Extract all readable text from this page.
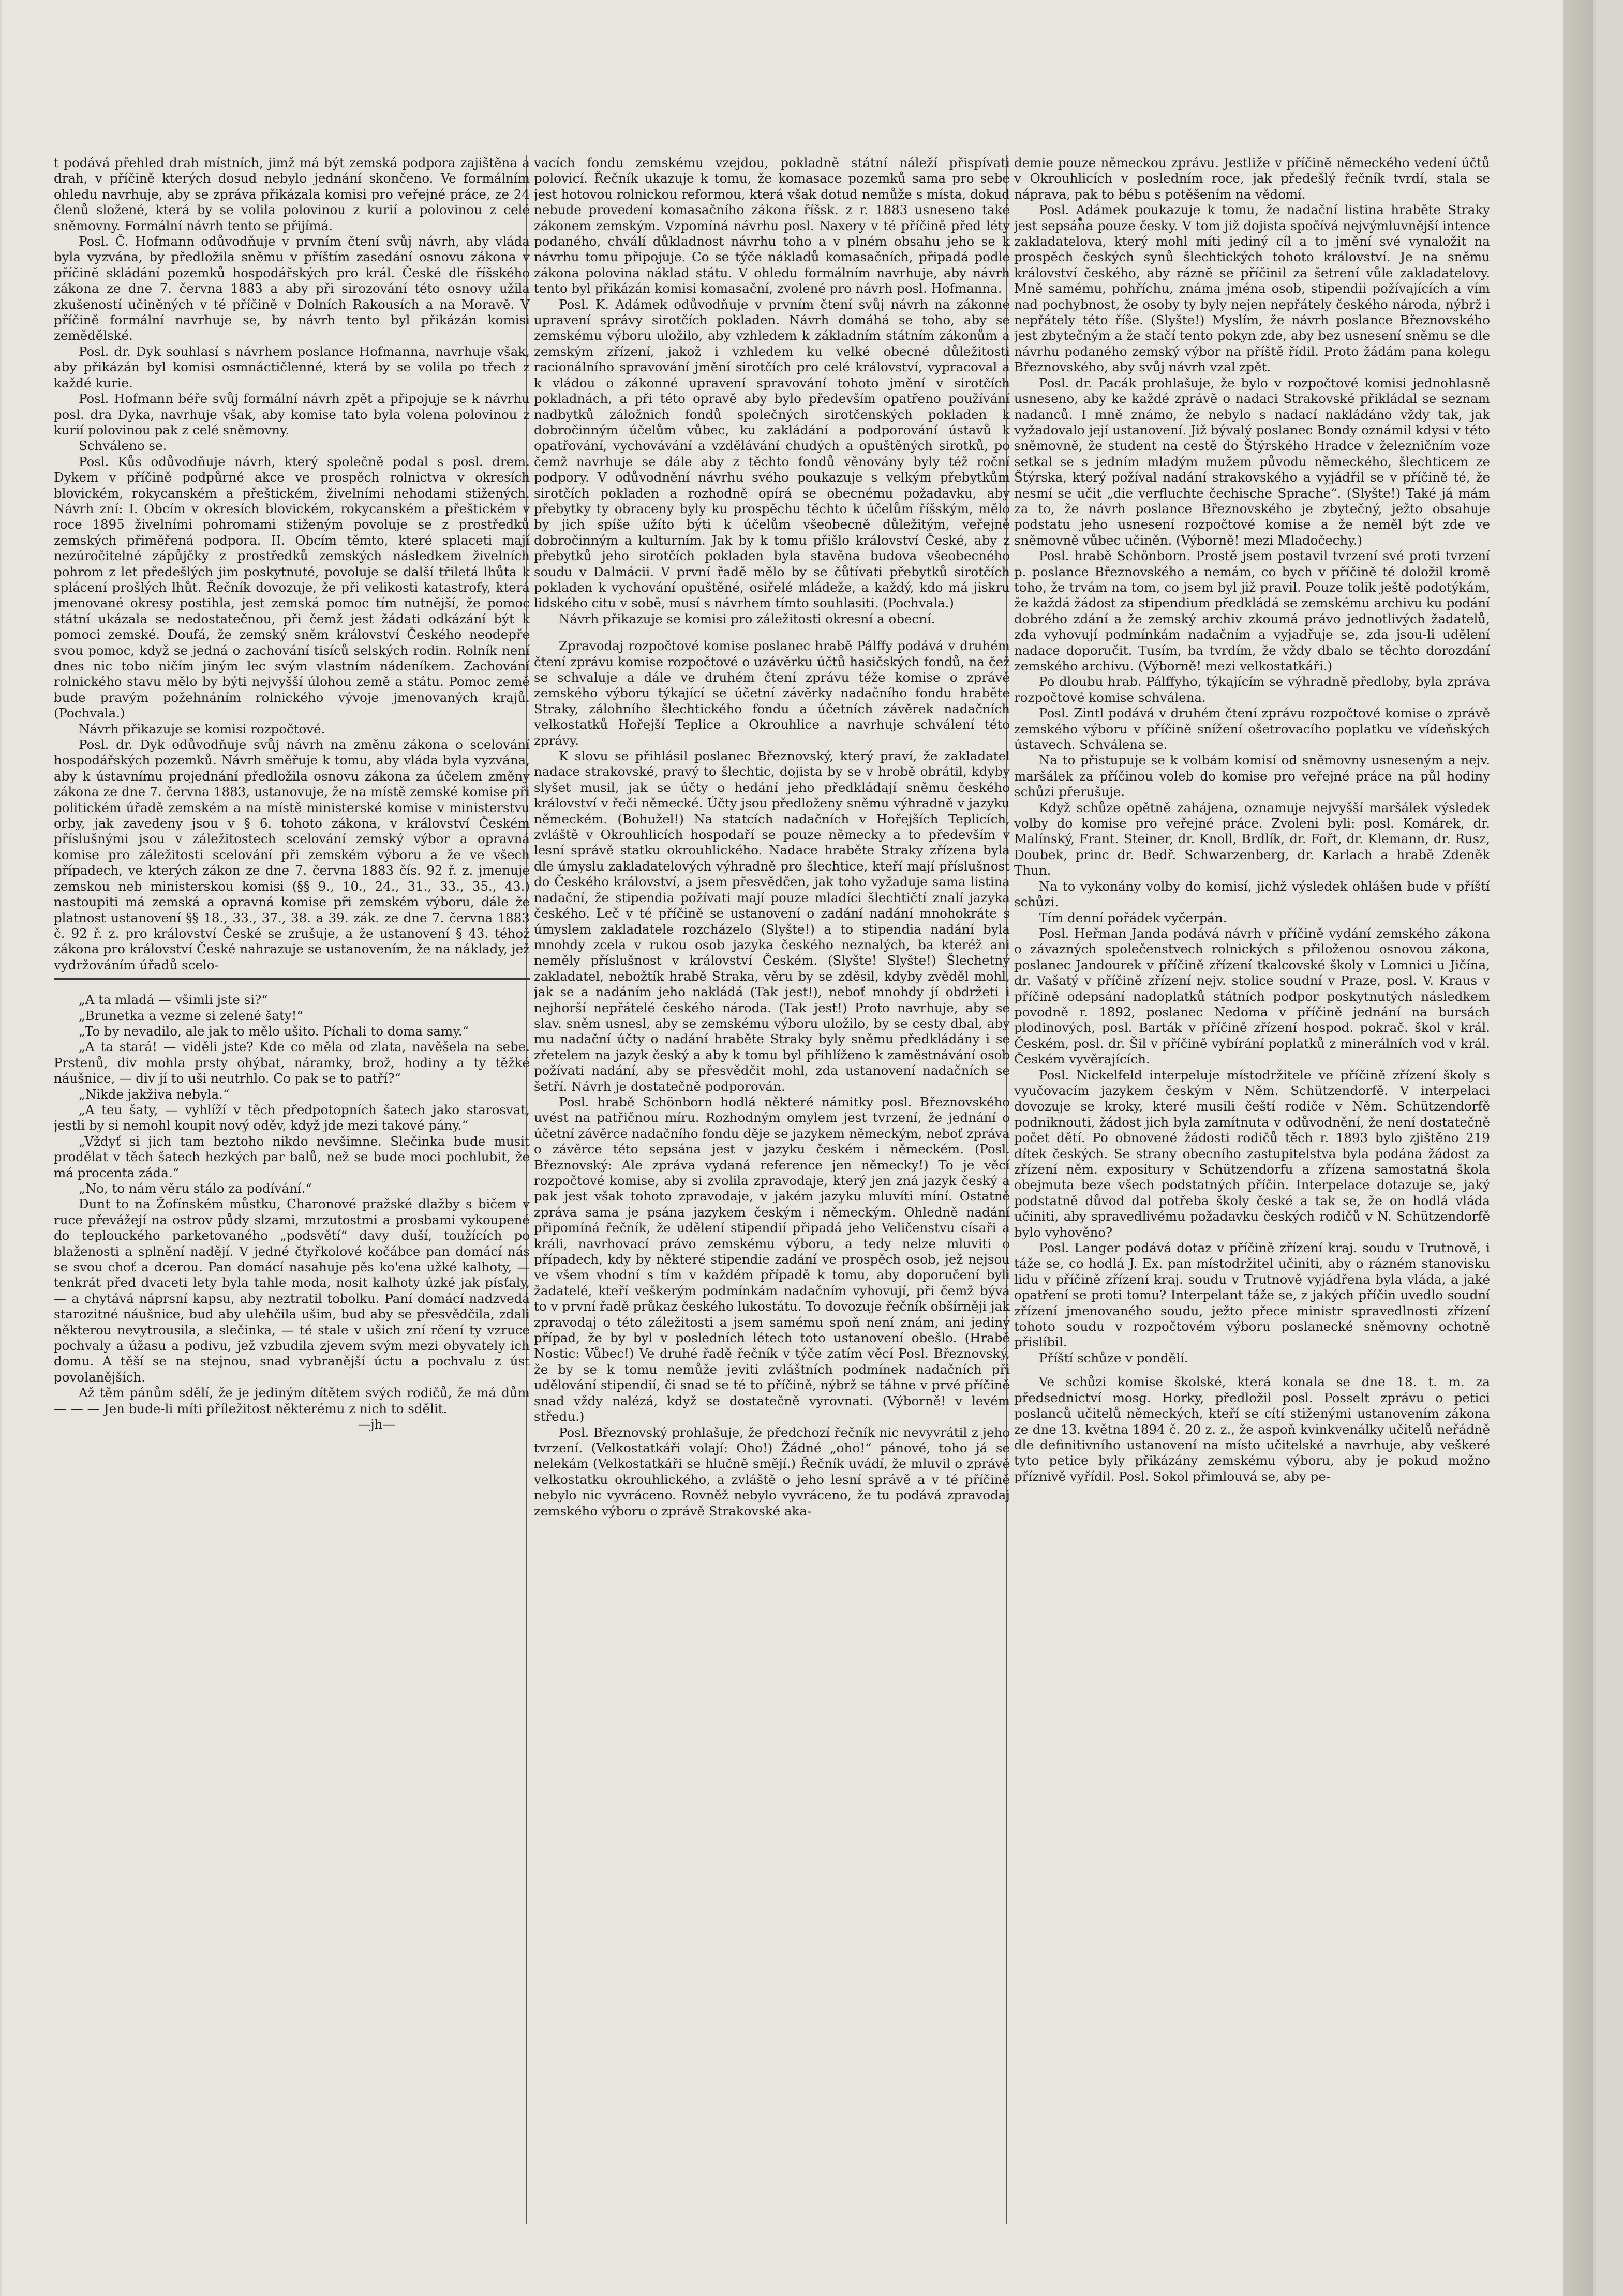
t podává přehled drah místních, jimž má být zemská podpora zajištěna a drah, v příčině kterých dosud nebylo jednání skončeno. Ve formálním ohledu navrhuje, aby se zpráva přikázala komisi pro veřejné práce, ze 24 členů složené, která by se volila polovinou z kurií a polovinou z celé sněmovny. Formální návrh tento se přijímá.

Posl. Č. Hofmann odůvodňuje v prvním čtení svůj návrh, aby vláda byla vyzvána, by předložila sněmu v příštím zasedání osnovu zákona v příčině skládání pozemků hospodářských pro král. České dle říšského zákona ze dne 7. června 1883 a aby při sirozování této osnovy užila zkušeností učiněných v té příčině v Dolních Rakousích a na Moravě. V příčině formální navrhuje se, by návrh tento byl přikázán komisi zemědělské.

Posl. dr. Dyk souhlasí s návrhem poslance Hofmanna, navrhuje však, aby přikázán byl komisi osmnáctičlenné, která by se volila po třech z každé kurie.

Posl. Hofmann béře svůj formální návrh zpět a připojuje se k návrhu posl. dra Dyka, navrhuje však, aby komise tato byla volena polovinou z kurií polovinou pak z celé sněmovny.

Schváleno se.

Posl. Kůs odůvodňuje návrh, který společně podal s posl. drem. Dykem v příčině podpůrné akce ve prospěch rolnictva v okresích blovickém, rokycanském a přeštickém, živelními nehodami stižených. Návrh zní: I. Obcím v okresích blovickém, rokycanském a přeštickém v roce 1895 živelními pohromami stiženým povoluje se z prostředků zemských přiměřená podpora. II. Obcím těmto, které splaceti mají nezúročitelné zápůjčky z prostředků zemských následkem živelních pohrom z let předešlých jim poskytnuté, povoluje se další třiletá lhůta k splácení prošlých lhůt. Řečník dovozuje, že při velikosti katastrofy, která jmenované okresy postihla, jest zemská pomoc tím nutnější, že pomoc státní ukázala se nedostatečnou, při čemž jest žádati odkázání být k pomoci zemské. Doufá, že zemský sněm království Českého neodepře svou pomoc, když se jedná o zachování tisíců selských rodin. Rolník není dnes nic tobo ničím jiným lec svým vlastním nádeníkem. Zachování rolnického stavu mělo by býti nejvyšší úlohou země a státu. Pomoc země bude pravým požehnáním rolnického vývoje jmenovaných krajů. (Pochvala.)

Návrh přikazuje se komisi rozpočtové.

Posl. dr. Dyk odůvodňuje svůj návrh na změnu zákona o scelování hospodářských pozemků. Návrh směřuje k tomu, aby vláda byla vyzvána, aby k ústavnímu projednání předložila osnovu zákona za účelem změny zákona ze dne 7. června 1883, ustanovuje, že na místě zemské komise při politickém úřadě zemském a na místě ministerské komise v ministerstvu orby, jak zavedeny jsou v § 6. tohoto zákona, v království Českém příslušnými jsou v záležitostech scelování zemský výbor a opravná komise pro záležitosti scelování při zemském výboru a že ve všech případech, ve kterých zákon ze dne 7. června 1883 čís. 92 ř. z. jmenuje zemskou neb ministerskou komisi (§§ 9., 10., 24., 31., 33., 35., 43.) nastoupiti má zemská a opravná komise při zemském výboru, dále že platnost ustanovení §§ 18., 33., 37., 38. a 39. zák. ze dne 7. června 1883 č. 92 ř. z. pro království České se zrušuje, a že ustanovení § 43. téhož zákona pro království České nahrazuje se ustanovením, že na náklady, jež vydržováním úřadů scelo-

„A ta mladá — všimli jste si?“

„Brunetka a vezme si zelené šaty!“

„To by nevadilo, ale jak to mělo ušito. Píchali to doma samy.“

„A ta stará! — viděli jste? Kde co měla od zlata, navěšela na sebe. Prstenů, div mohla prsty ohýbat, náramky, brož, hodiny a ty těžké náušnice, — div jí to uši neutrhlo. Co pak se to patří?“

„Nikde jakživa nebyla.“

„A teu šaty, — vyhlíží v těch předpotopních šatech jako starosvat, jestli by si nemohl koupit nový oděv, když jde mezi takové pány.“

„Vždyť si jich tam beztoho nikdo nevšimne. Slečinka bude musit prodělat v těch šatech hezkých par balů, než se bude moci pochlubit, že má procenta záda.“

„No, to nám věru stálo za podívání.“

Dunt to na Žofínském můstku, Charonové pražské dlažby s bičem v ruce převážejí na ostrov půdy slzami, mrzutostmi a prosbami vykoupené do teplouckého parketovaného „podsvětí“ davy duší, toužících po blaženosti a splnění nadějí. V jedné čtyřkolové kočábce pan domácí nás se svou choť a dcerou. Pan domácí nasahuje pěs ko'ena užké kalhoty, — tenkrát před dvaceti lety byla tahle moda, nosit kalhoty úzké jak písťaly, — a chytává náprsní kapsu, aby neztratil tobolku. Paní domácí nadzvedá starozitné náušnice, bud aby ulehčila ušim, bud aby se přesvědčila, zdali některou nevytrousila, a slečinka, — té stale v ušich zní rčení ty vzruce pochvaly a úžasu a podivu, jež vzbudila zjevem svým mezi obyvately ich domu. A těší se na stejnou, snad vybranější úctu a pochvalu z úst povolanějších.

Až těm pánům sdělí, že je jediným dítětem svých rodičů, že má dům — — — Jen bude-li míti příležitost některému z nich to sdělit.

—jh—

vacích fondu zemskému vzejdou, pokladně státní náleží přispívati polovicí. Řečník ukazuje k tomu, že komasace pozemků sama pro sebe jest hotovou rolnickou reformou, která však dotud nemůže s místa, dokud nebude provedení komasačního zákona říšsk. z r. 1883 usneseno také zákonem zemským. Vzpomíná návrhu posl. Naxery v té příčině před léty podaného, chválí důkladnost návrhu toho a v plném obsahu jeho se k návrhu tomu připojuje. Co se týče nákladů komasačních, připadá podle zákona polovina náklad státu. V ohledu formálním navrhuje, aby návrh tento byl přikázán komisi komasační, zvolené pro návrh posl. Hofmanna.

Posl. K. Adámek odůvodňuje v prvním čtení svůj návrh na zákonné upravení správy sirotčích pokladen. Návrh domáhá se toho, aby se zemskému výboru uložilo, aby vzhledem k základním státním zákonům a zemským zřízení, jakož i vzhledem ku velké obecné důležitosti racionálního spravování jmění sirotčích pro celé království, vypracoval a k vládou o zákonné upravení spravování tohoto jmění v sirotčích pokladnách, a při této opravě aby bylo především opatřeno používání nadbytků záložnich fondů společných sirotčenských pokladen k dobročinným účelům vůbec, ku zakládání a podporování ústavů k opatřování, vychovávání a vzdělávání chudých a opuštěných sirotků, po čemž navrhuje se dále aby z těchto fondů věnovány byly též roční podpory. V odůvodnění návrhu svého poukazuje s velkým přebytkům sirotčích pokladen a rozhodně opírá se obecnému požadavku, aby přebytky ty obraceny byly ku prospěchu těchto k účelům říšským, mělo by jich spíše užíto býti k účelům všeobecně důležitým, veřejně dobročinným a kulturním. Jak by k tomu přišlo království České, aby z přebytků jeho sirotčích pokladen byla stavěna budova všeobecného soudu v Dalmácii. V první řadě mělo by se čůtívati přebytků sirotčích pokladen k vychování opuštěné, osiřelé mládeže, a každý, kdo má jiskru lidského citu v sobě, musí s návrhem tímto souhlasiti. (Pochvala.)

Návrh přikazuje se komisi pro záležitosti okresní a obecní.

Zpravodaj rozpočtové komise poslanec hrabě Pálffy podává v druhém čtení zprávu komise rozpočtové o uzávěrku účtů hasičských fondů, na čež se schvaluje a dále ve druhém čtení zprávu téže komise o zprávě zemského výboru týkající se účetní závěrky nadačního fondu hraběte Straky, zálohního šlechtického fondu a účetních závěrek nadačních velkostatků Hořejší Teplice a Okrouhlice a navrhuje schválení této zprávy.

K slovu se přihlásil poslanec Březnovský, který praví, že zakladatel nadace strakovské, pravý to šlechtic, dojista by se v hrobě obrátil, kdyby slyšet musil, jak se účty o hedání jeho předkládají sněmu českého království v řeči německé. Účty jsou předloženy sněmu výhradně v jazyku německém. (Bohužel!) Na statcích nadačních v Hořejších Teplicích, zvláště v Okrouhlicích hospodaří se pouze německy a to především v lesní správě statku okrouhlického. Nadace hraběte Straky zřízena byla dle úmyslu zakladatelových výhradně pro šlechtice, kteří mají příslušnost do Českého království, a jsem přesvědčen, jak toho vyžaduje sama listina nadační, že stipendia požívati mají pouze mladíci šlechtičtí znalí jazyka českého. Leč v té příčině se ustanovení o zadání nadání mnohokráte s úmyslem zakladatele rozcházelo (Slyšte!) a to stipendia nadání byla mnohdy zcela v rukou osob jazyka českého neznalých, ba kteréž ani neměly příslušnost v království Českém. (Slyšte! Slyšte!) Šlechetný zakladatel, nebožtík hrabě Straka, věru by se zděsil, kdyby zvěděl mohl, jak se a nadáním jeho nakládá (Tak jest!), neboť mnohdy jí obdržeti i nejhorší nepřátelé českého národa. (Tak jest!) Proto navrhuje, aby se slav. sněm usnesl, aby se zemskému výboru uložilo, by se cesty dbal, aby mu nadační účty o nadání hraběte Straky byly sněmu předkládány i se zřetelem na jazyk český a aby k tomu byl přihlíženo k zaměstnávání osob požívati nadání, aby se přesvědčit mohl, zda ustanovení nadačních se šetří. Návrh je dostatečně podporován.

Posl. hrabě Schönborn hodlá některé námitky posl. Březnovského uvést na patřičnou míru. Rozhodným omylem jest tvrzení, že jednání o účetní závěrce nadačního fondu děje se jazykem německým, neboť zpráva o závěrce této sepsána jest v jazyku českém i německém. (Posl. Březnovský: Ale zpráva vydaná reference jen německy!) To je věcí rozpočtové komise, aby si zvolila zpravodaje, který jen zná jazyk český a pak jest však tohoto zpravodaje, v jakém jazyku mluvíti míní. Ostatně zpráva sama je psána jazykem českým i německým. Ohledně nadání připomíná řečník, že udělení stipendií připadá jeho Veličenstvu císaři a králi, navrhovací právo zemskému výboru, a tedy nelze mluviti o případech, kdy by některé stipendie zadání ve prospěch osob, jež nejsou ve všem vhodní s tím v každém případě k tomu, aby doporučení byli žadatelé, kteří veškerým podmínkám nadačním vyhovují, při čemž bývá to v první řadě průkaz českého lukostátu. To dovozuje řečník obšírněji jak zpravodaj o této záležitosti a jsem samému spoň není znám, ani jediný případ, že by byl v posledních létech toto ustanovení obešlo. (Hrabě Nostic: Vůbec!) Ve druhé řadě řečník v týče zatím věcí Posl. Březnovský, že by se k tomu nemůže jeviti zvláštních podmínek nadačních při udělování stipendií, či snad se té to příčině, nýbrž se táhne v prvé příčině snad vždy nalézá, když se dostatečně vyrovnati. (Výborně! v levém středu.)

Posl. Březnovský prohlašuje, že předchozí řečník nic nevyvrátil z jeho tvrzení. (Velkostatkáři volají: Oho!) Žádné „oho!“ pánové, toho já se nelekám (Velkostatkáři se hlučně smějí.) Řečník uvádí, že mluvil o zprávě velkostatku okrouhlického, a zvláště o jeho lesní správě a v té příčině nebylo nic vyvráceno. Rovněž nebylo vyvráceno, že tu podává zpravodaj zemského výboru o zprávě Strakovské aka-

demie pouze německou zprávu. Jestliže v příčině německého vedení účtů v Okrouhlicích v posledním roce, jak předešlý řečník tvrdí, stala se náprava, pak to bébu s potěšením na vědomí.

Posl. Adámek poukazuje k tomu, že nadační listina hraběte Straky jest sepsána pouze česky. V tom již dojista spočívá nejvýmluvnější intence zakladatelova, který mohl míti jediný cíl a to jmění své vynaložit na prospěch českých synů šlechtických tohoto království. Je na sněmu království českého, aby rázně se příčinil za šetrení vůle zakladatelovy. Mně samému, pohříchu, známa jména osob, stipendii požívajících a vím nad pochybnost, že osoby ty byly nejen nepřátely českého národa, nýbrž i nepřátely této říše. (Slyšte!) Myslím, že návrh poslance Březnovského jest zbytečným a že stačí tento pokyn zde, aby bez usnesení sněmu se dle návrhu podaného zemský výbor na příště řídil. Proto žádám pana kolegu Březnovského, aby svůj návrh vzal zpět.

Posl. dr. Pacák prohlašuje, že bylo v rozpočtové komisi jednohlasně usneseno, aby ke každé zprávě o nadaci Strakovské přikládal se seznam nadanců. I mně známo, že nebylo s nadací nakládáno vždy tak, jak vyžadovalo její ustanovení. Již bývalý poslanec Bondy oznámil kdysi v této sněmovně, že student na cestě do Štýrského Hradce v železničním voze setkal se s jedním mladým mužem původu německého, šlechticem ze Štýrska, který požíval nadání strakovského a vyjádřil se v příčině té, že nesmí se učit „die verfluchte čechische Sprache“. (Slyšte!) Také já mám za to, že návrh poslance Březnovského je zbytečný, ježto obsahuje podstatu jeho usnesení rozpočtové komise a že neměl být zde ve sněmovně vůbec učiněn. (Výborně! mezi Mladočechy.)

Posl. hrabě Schönborn. Prostě jsem postavil tvrzení své proti tvrzení p. poslance Březnovského a nemám, co bych v příčině té doložil kromě toho, že trvám na tom, co jsem byl již pravil. Pouze tolik ještě podotýkám, že každá žádost za stipendium předkládá se zemskému archivu ku podání dobrého zdání a že zemský archiv zkoumá právo jednotlivých žadatelů, zda vyhovují podmínkám nadačním a vyjadřuje se, zda jsou-li udělení nadace doporučit. Tusím, ba tvrdím, že vždy dbalo se těchto dorozdání zemského archivu. (Výborně! mezi velkostatkáři.)

Po dloubu hrab. Pálffyho, týkajícím se výhradně předloby, byla zpráva rozpočtové komise schválena.

Posl. Zintl podává v druhém čtení zprávu rozpočtové komise o zprávě zemského výboru v příčině snížení ošetrovacího poplatku ve vídeňských ústavech. Schválena se.

Na to přistupuje se k volbám komisí od sněmovny usneseným a nejv. maršálek za příčinou voleb do komise pro veřejné práce na půl hodiny schůzi přerušuje.

Když schůze opětně zahájena, oznamuje nejvyšší maršálek výsledek volby do komise pro veřejné práce. Zvoleni byli: posl. Komárek, dr. Malínský, Frant. Steiner, dr. Knoll, Brdlík, dr. Fořt, dr. Klemann, dr. Rusz, Doubek, princ dr. Bedř. Schwarzenberg, dr. Karlach a hrabě Zdeněk Thun.

Na to vykonány volby do komisí, jichž výsledek ohlášen bude v příští schůzi.

Tím denní pořádek vyčerpán.

Posl. Heřman Janda podává návrh v příčině vydání zemského zákona o závazných společenstvech rolnických s přiloženou osnovou zákona, poslanec Jandourek v příčině zřízení tkalcovské školy v Lomnici u Jičína, dr. Vašatý v příčině zřízení nejv. stolice soudní v Praze, posl. V. Kraus v příčině odepsání nadoplatků státních podpor poskytnutých následkem povodně r. 1892, poslanec Nedoma v příčině jednání na bursách plodinových, posl. Barták v příčině zřízení hospod. pokrač. škol v král. Českém, posl. dr. Šil v příčině vybírání poplatků z minerálních vod v král. Českém vyvěrajících.

Posl. Nickelfeld interpeluje místodržitele ve příčině zřízení školy s vyučovacím jazykem českým v Něm. Schützendorfě. V interpelaci dovozuje se kroky, které musili čeští rodiče v Něm. Schützendorfě podniknouti, žádost jich byla zamítnuta v odůvodnění, že není dostatečně počet dětí. Po obnovené žádosti rodičů těch r. 1893 bylo zjištěno 219 dítek českých. Se strany obecního zastupitelstva byla podána žádost za zřízení něm. expositury v Schützendorfu a zřízena samostatná škola obejmuta beze všech podstatných příčin. Interpelace dotazuje se, jaký podstatně důvod dal potřeba školy české a tak se, že on hodlá vláda učiniti, aby spravedlivému požadavku českých rodičů v N. Schützendorfě bylo vyhověno?

Posl. Langer podává dotaz v příčině zřízení kraj. soudu v Trutnově, i táže se, co hodlá J. Ex. pan místodržitel učiniti, aby o rázném stanovisku lidu v příčině zřízení kraj. soudu v Trutnově vyjádřena byla vláda, a jaké opatření se proti tomu? Interpelant táže se, z jakých příčin uvedlo soudní zřízení jmenovaného soudu, ježto přece ministr spravedlnosti zřízení tohoto soudu v rozpočtovém výboru poslanecké sněmovny ochotně přislíbil.

Příští schůze v pondělí.

Ve schůzi komise školské, která konala se dne 18. t. m. za předsednictví mosg. Horky, předložil posl. Posselt zprávu o petici poslanců učitelů německých, kteří se cítí stiženými ustanovením zákona ze dne 13. května 1894 č. 20 z. z., že aspoň kvinkvenálky učitelů neřádně dle definitivního ustanovení na místo učitelské a navrhuje, aby veškeré tyto petice byly přikázány zemskému výboru, aby je pokud možno příznivě vyřídil. Posl. Sokol přimlouvá se, aby pe-
